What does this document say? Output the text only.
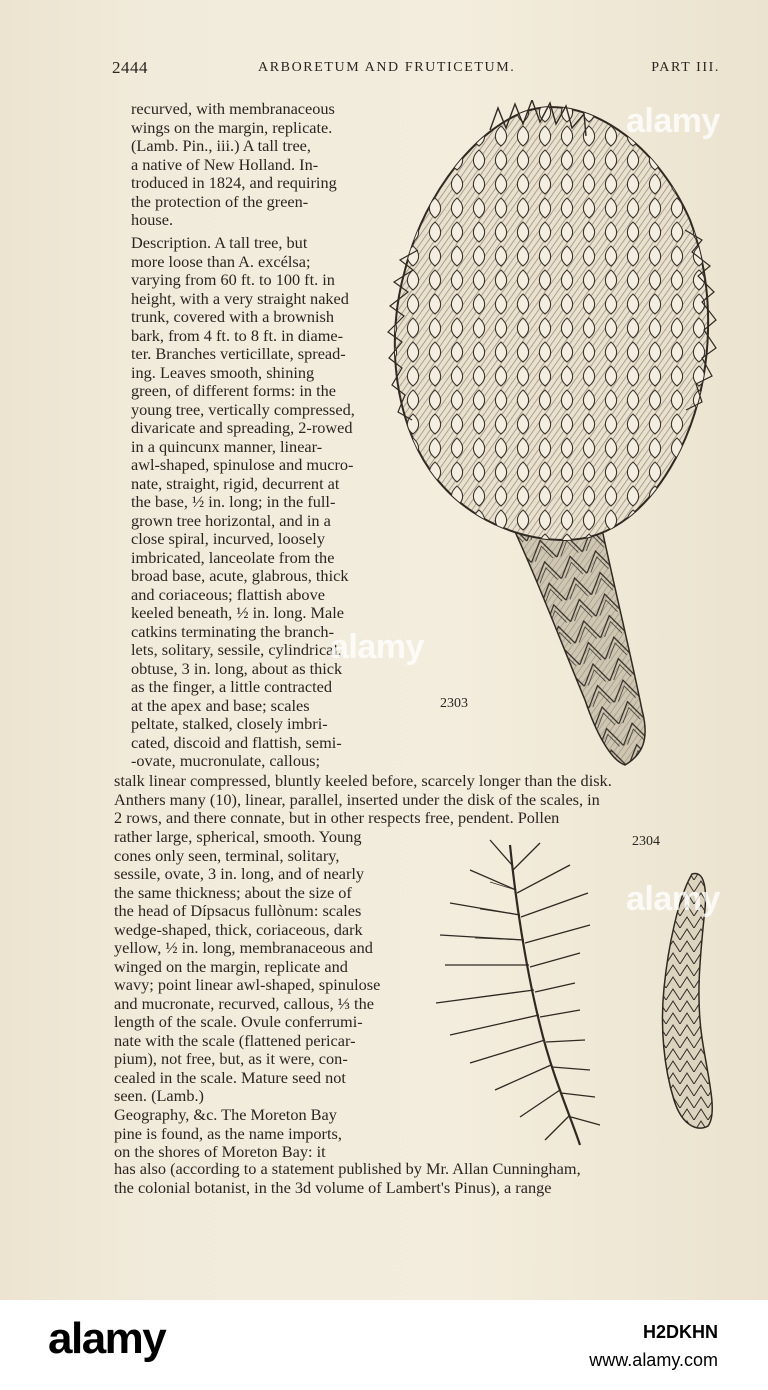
2444	ARBORETUM AND FRUTICETUM.	PART III.
recurved, with membranaceous
wings on the margin, replicate.
(Lamb. Pin., iii.) A tall tree,
a native of New Holland. In-
troduced in 1824, and requiring
the protection of the green-
house.
Description. A tall tree, but
more loose than A. excélsa;
varying from 60 ft. to 100 ft. in
height, with a very straight naked
trunk, covered with a brownish
bark, from 4 ft. to 8 ft. in diame-
ter. Branches verticillate, spread-
ing. Leaves smooth, shining
green, of different forms: in the
young tree, vertically compressed,
divaricate and spreading, 2-rowed
in a quincunx manner, linear-
awl-shaped, spinulose and mucro-
nate, straight, rigid, decurrent at
the base, ½ in. long; in the full-
grown tree horizontal, and in a
close spiral, incurved, loosely
imbricated, lanceolate from the
broad base, acute, glabrous, thick
and coriaceous; flattish above
keeled beneath, ½ in. long. Male
catkins terminating the branch-
lets, solitary, sessile, cylindrical,
obtuse, 3 in. long, about as thick
as the finger, a little contracted
at the apex and base; scales
peltate, stalked, closely imbri-
cated, discoid and flattish, semi-
-ovate, mucronulate, callous;
2303
stalk linear compressed, bluntly keeled before, scarcely longer than the disk.
Anthers many (10), linear, parallel, inserted under the disk of the scales, in
2 rows, and there connate, but in other respects free, pendent. Pollen
2304
rather large, spherical, smooth. Young
cones only seen, terminal, solitary,
sessile, ovate, 3 in. long, and of nearly
the same thickness; about the size of
the head of Dípsacus fullònum: scales
wedge-shaped, thick, coriaceous, dark
yellow, ½ in. long, membranaceous and
winged on the margin, replicate and
wavy; point linear awl-shaped, spinulose
and mucronate, recurved, callous, ⅓ the
length of the scale. Ovule conferrumi-
nate with the scale (flattened pericar-
pium), not free, but, as it were, con-
cealed in the scale. Mature seed not
seen. (Lamb.)
Geography, &c. The Moreton Bay
pine is found, as the name imports,
on the shores of Moreton Bay: it
has also (according to a statement published by Mr. Allan Cunningham,
the colonial botanist, in the 3d volume of Lambert's Pinus), a range
alamy
alamy
alamy
alamy	H2DKHN
www.alamy.com
